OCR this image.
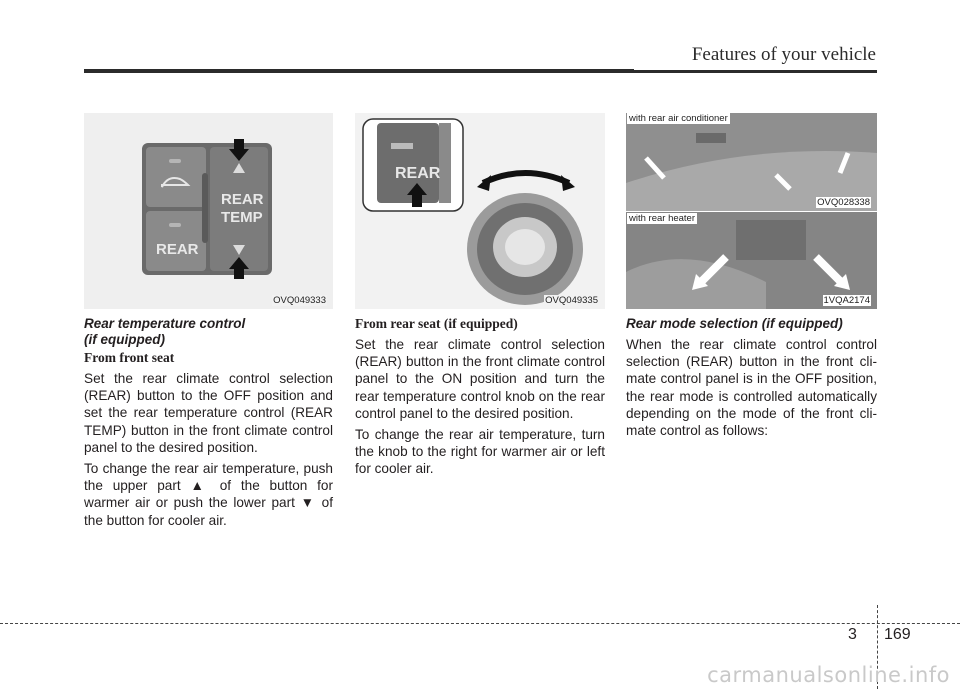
Features of your vehicle
REAR
REAR
TEMP
OVQ049333
REAR
OVQ049335
with rear air conditioner
OVQ028338
with rear heater
1VQA2174
Rear temperature control
(if equipped)
From front seat

Set the rear climate control selection (REAR) button to the OFF position and set the rear temperature control (REAR TEMP) button in the front climate control panel to the desired position.

To change the rear air temperature, push the upper part ▲ of the button for warmer air or push the lower part ▼ of the button for cooler air.

From rear seat (if equipped)

Set the rear climate control selection (REAR) button in the front climate control panel to the ON position and turn the rear temperature control knob on the rear control panel to the desired position.

To change the rear air temperature, turn the knob to the right for warmer air or left for cooler air.

Rear mode selection (if equipped)

When the rear climate control control selection (REAR) button in the front cli-mate control panel is in the OFF position, the rear mode is controlled automatically depending on the mode of the front cli-mate control as follows:

3 169
carmanualsonline.info
